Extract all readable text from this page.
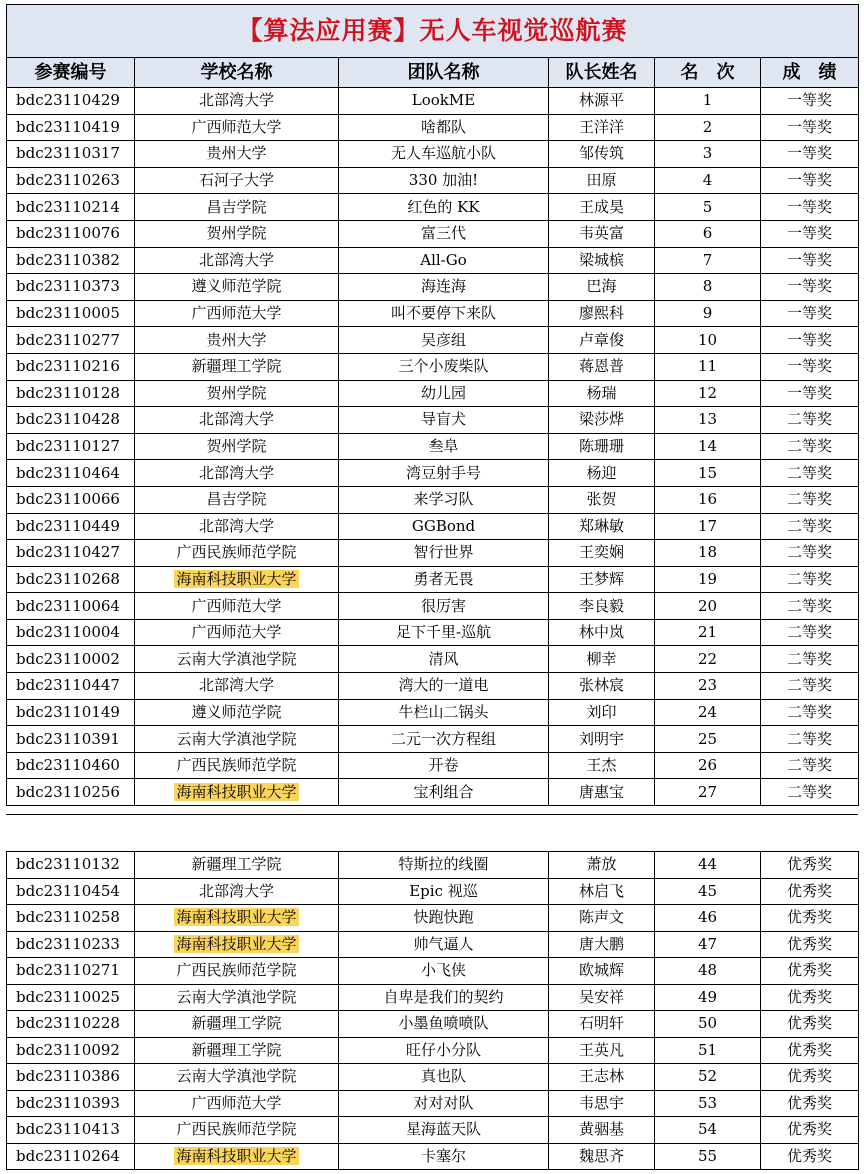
【算法应用赛】无人车视觉巡航赛					
参赛编号	学校名称	团队名称	队长姓名	名　次	成　绩
bdc23110429	北部湾大学	LookME	林源平	1	一等奖
bdc23110419	广西师范大学	啥都队	王洋洋	2	一等奖
bdc23110317	贵州大学	无人车巡航小队	邹传筑	3	一等奖
bdc23110263	石河子大学	330 加油!	田原	4	一等奖
bdc23110214	昌吉学院	红色的 KK	王成昊	5	一等奖
bdc23110076	贺州学院	富三代	韦英富	6	一等奖
bdc23110382	北部湾大学	All-Go	梁城槟	7	一等奖
bdc23110373	遵义师范学院	海连海	巴海	8	一等奖
bdc23110005	广西师范大学	叫不要停下来队	廖熙科	9	一等奖
bdc23110277	贵州大学	吴彦组	卢章俊	10	一等奖
bdc23110216	新疆理工学院	三个小废柴队	蒋恩普	11	一等奖
bdc23110128	贺州学院	幼儿园	杨瑞	12	一等奖
bdc23110428	北部湾大学	导盲犬	梁莎烨	13	二等奖
bdc23110127	贺州学院	叁阜	陈珊珊	14	二等奖
bdc23110464	北部湾大学	湾豆射手号	杨迎	15	二等奖
bdc23110066	昌吉学院	来学习队	张贺	16	二等奖
bdc23110449	北部湾大学	GGBond	郑琳敏	17	二等奖
bdc23110427	广西民族师范学院	智行世界	王奕娴	18	二等奖
bdc23110268	海南科技职业大学	勇者无畏	王梦辉	19	二等奖
bdc23110064	广西师范大学	很厉害	李良毅	20	二等奖
bdc23110004	广西师范大学	足下千里-巡航	林中岚	21	二等奖
bdc23110002	云南大学滇池学院	清风	柳幸	22	二等奖
bdc23110447	北部湾大学	湾大的一道电	张林宸	23	二等奖
bdc23110149	遵义师范学院	牛栏山二锅头	刘印	24	二等奖
bdc23110391	云南大学滇池学院	二元一次方程组	刘明宇	25	二等奖
bdc23110460	广西民族师范学院	开卷	王杰	26	二等奖
bdc23110256	海南科技职业大学	宝利组合	唐惠宝	27	二等奖
bdc23110132	新疆理工学院	特斯拉的线圈	萧放	44	优秀奖
bdc23110454	北部湾大学	Epic 视巡	林启飞	45	优秀奖
bdc23110258	海南科技职业大学	快跑快跑	陈声文	46	优秀奖
bdc23110233	海南科技职业大学	帅气逼人	唐大鹏	47	优秀奖
bdc23110271	广西民族师范学院	小飞侠	欧城辉	48	优秀奖
bdc23110025	云南大学滇池学院	自卑是我们的契约	吴安祥	49	优秀奖
bdc23110228	新疆理工学院	小墨鱼喷喷队	石明轩	50	优秀奖
bdc23110092	新疆理工学院	旺仔小分队	王英凡	51	优秀奖
bdc23110386	云南大学滇池学院	真也队	王志林	52	优秀奖
bdc23110393	广西师范大学	对对对队	韦思宇	53	优秀奖
bdc23110413	广西民族师范学院	星海蓝天队	黄骃基	54	优秀奖
bdc23110264	海南科技职业大学	卡塞尔	魏思齐	55	优秀奖
